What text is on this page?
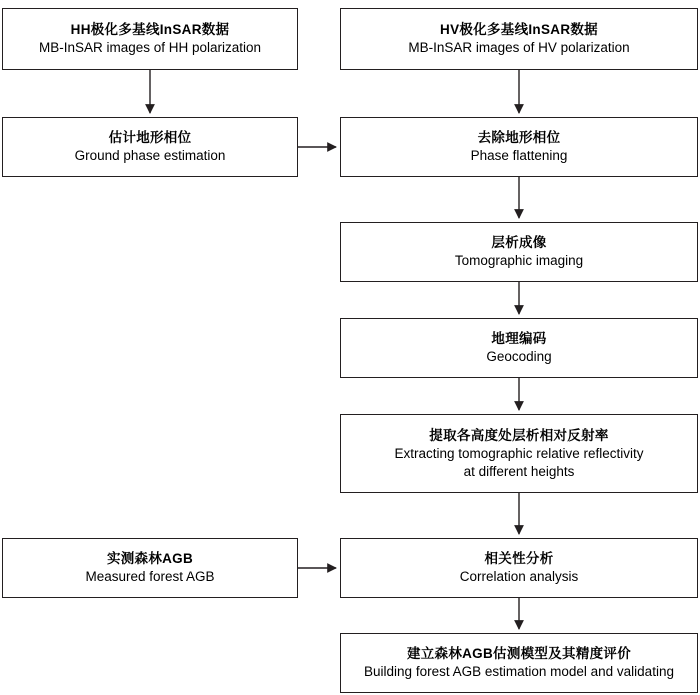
HH极化多基线InSAR数据
MB-InSAR images of HH polarization
HV极化多基线InSAR数据
MB-InSAR images of HV polarization
估计地形相位
Ground phase estimation
去除地形相位
Phase flattening
层析成像
Tomographic imaging
地理编码
Geocoding
提取各高度处层析相对反射率
Extracting tomographic relative reflectivity
at different heights
实测森林AGB
Measured forest AGB
相关性分析
Correlation analysis
建立森林AGB估测模型及其精度评价
Building forest AGB estimation model and validating
